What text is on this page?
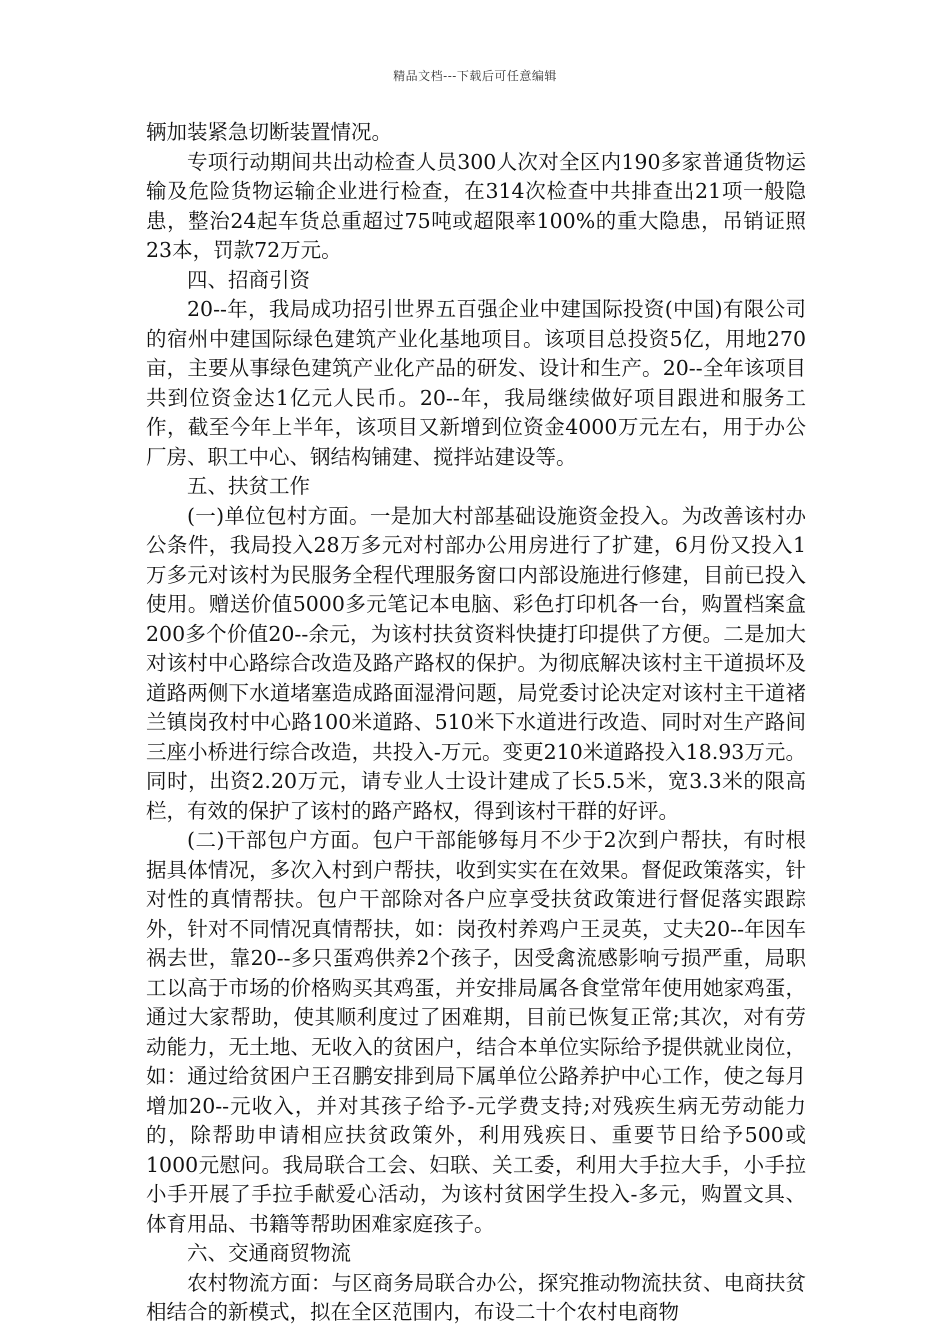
精品文档---下载后可任意编辑

辆加装紧急切断装置情况。

专项行动期间共出动检查人员300人次对全区内190多家普通货物运输及危险货物运输企业进行检查，在314次检查中共排查出21项一般隐患，整治24起车货总重超过75吨或超限率100%的重大隐患，吊销证照23本，罚款72万元。

四、招商引资

20--年，我局成功招引世界五百强企业中建国际投资(中国)有限公司的宿州中建国际绿色建筑产业化基地项目。该项目总投资5亿，用地270亩，主要从事绿色建筑产业化产品的研发、设计和生产。20--全年该项目共到位资金达1亿元人民币。20--年，我局继续做好项目跟进和服务工作，截至今年上半年，该项目又新增到位资金4000万元左右，用于办公厂房、职工中心、钢结构铺建、搅拌站建设等。

五、扶贫工作

(一)单位包村方面。一是加大村部基础设施资金投入。为改善该村办公条件，我局投入28万多元对村部办公用房进行了扩建，6月份又投入1万多元对该村为民服务全程代理服务窗口内部设施进行修建，目前已投入使用。赠送价值5000多元笔记本电脑、彩色打印机各一台，购置档案盒200多个价值20--余元，为该村扶贫资料快捷打印提供了方便。二是加大对该村中心路综合改造及路产路权的保护。为彻底解决该村主干道损坏及道路两侧下水道堵塞造成路面湿滑问题，局党委讨论决定对该村主干道褚兰镇岗孜村中心路100米道路、510米下水道进行改造、同时对生产路间三座小桥进行综合改造，共投入-万元。变更210米道路投入18.93万元。同时，出资2.20万元，请专业人士设计建成了长5.5米，宽3.3米的限高栏，有效的保护了该村的路产路权，得到该村干群的好评。

(二)干部包户方面。包户干部能够每月不少于2次到户帮扶，有时根据具体情况，多次入村到户帮扶，收到实实在在效果。督促政策落实，针对性的真情帮扶。包户干部除对各户应享受扶贫政策进行督促落实跟踪外，针对不同情况真情帮扶，如：岗孜村养鸡户王灵英，丈夫20--年因车祸去世，靠20--多只蛋鸡供养2个孩子，因受禽流感影响亏损严重，局职工以高于市场的价格购买其鸡蛋，并安排局属各食堂常年使用她家鸡蛋，通过大家帮助，使其顺利度过了困难期，目前已恢复正常;其次，对有劳动能力，无土地、无收入的贫困户，结合本单位实际给予提供就业岗位，如：通过给贫困户王召鹏安排到局下属单位公路养护中心工作，使之每月增加20--元收入，并对其孩子给予-元学费支持;对残疾生病无劳动能力的，除帮助申请相应扶贫政策外，利用残疾日、重要节日给予500或1000元慰问。我局联合工会、妇联、关工委，利用大手拉大手，小手拉小手开展了手拉手献爱心活动，为该村贫困学生投入-多元，购置文具、体育用品、书籍等帮助困难家庭孩子。

六、交通商贸物流

农村物流方面：与区商务局联合办公，探究推动物流扶贫、电商扶贫相结合的新模式，拟在全区范围内，布设二十个农村电商物
